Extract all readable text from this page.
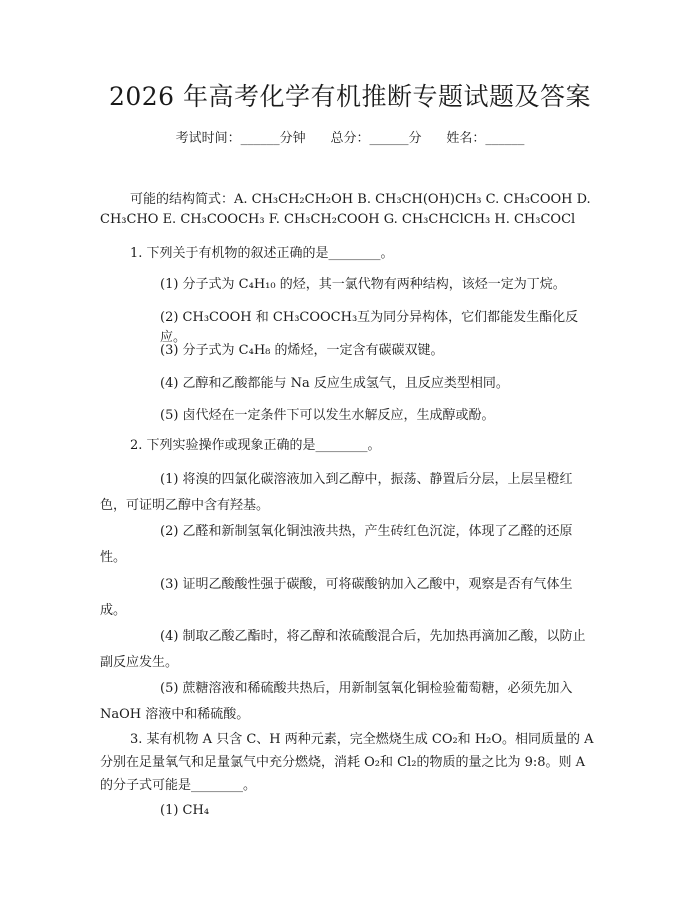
2026 年高考化学有机推断专题试题及答案
考试时间：______分钟 总分：______分 姓名：______
可能的结构简式：A. CH₃CH₂CH₂OH B. CH₃CH(OH)CH₃ C. CH₃COOH D. CH₃CHO E. CH₃COOCH₃ F. CH₃CH₂COOH G. CH₃CHClCH₃ H. CH₃COCl
1. 下列关于有机物的叙述正确的是________。
(1) 分子式为 C₄H₁₀ 的烃，其一氯代物有两种结构，该烃一定为丁烷。
(2) CH₃COOH 和 CH₃COOCH₃互为同分异构体，它们都能发生酯化反应。
(3) 分子式为 C₄H₈ 的烯烃，一定含有碳碳双键。
(4) 乙醇和乙酸都能与 Na 反应生成氢气，且反应类型相同。
(5) 卤代烃在一定条件下可以发生水解反应，生成醇或酚。
2. 下列实验操作或现象正确的是________。
(1) 将溴的四氯化碳溶液加入到乙醇中，振荡、静置后分层，上层呈橙红色，可证明乙醇中含有羟基。
(2) 乙醛和新制氢氧化铜浊液共热，产生砖红色沉淀，体现了乙醛的还原性。
(3) 证明乙酸酸性强于碳酸，可将碳酸钠加入乙酸中，观察是否有气体生成。
(4) 制取乙酸乙酯时，将乙醇和浓硫酸混合后，先加热再滴加乙酸，以防止副反应发生。
(5) 蔗糖溶液和稀硫酸共热后，用新制氢氧化铜检验葡萄糖，必须先加入 NaOH 溶液中和稀硫酸。
3. 某有机物 A 只含 C、H 两种元素，完全燃烧生成 CO₂和 H₂O。相同质量的 A 分别在足量氧气和足量氯气中充分燃烧，消耗 O₂和 Cl₂的物质的量之比为 9:8。则 A 的分子式可能是________。
(1) CH₄
